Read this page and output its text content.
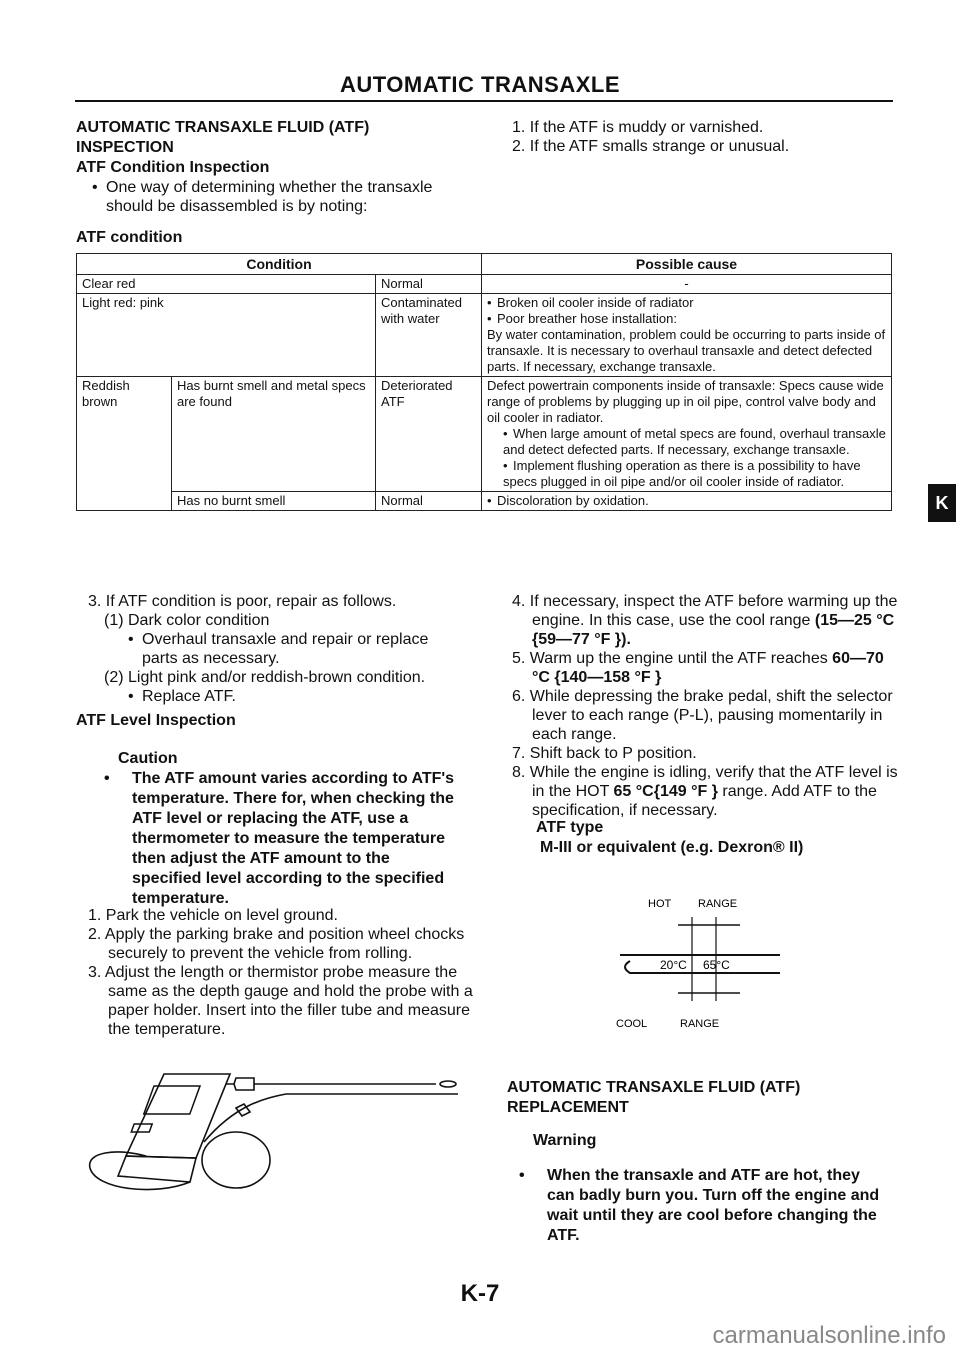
AUTOMATIC TRANSAXLE
AUTOMATIC TRANSAXLE FLUID (ATF)
INSPECTION
ATF Condition Inspection
• One way of determining whether the transaxle
should be disassembled is by noting:
ATF condition
1. If the ATF is muddy or varnished.
2. If the ATF smalls strange or unusual.
Condition			Possible cause
Clear red		Normal	-
Light red: pink		Contaminated with water	• Broken oil cooler inside of radiator
• Poor breather hose installation:
By water contamination, problem could be occurring to parts inside of transaxle. It is necessary to overhaul transaxle and detect defected parts. If necessary, exchange transaxle.

Reddish brown	Has burnt smell and metal specs are found	Deteriorated ATF	Defect powertrain components inside of transaxle: Specs cause wide range of problems by plugging up in oil pipe, control valve body and oil cooler in radiator.
• When large amount of metal specs are found, overhaul transaxle and detect defected parts. If necessary, exchange transaxle.
• Implement flushing operation as there is a possibility to have specs plugged in oil pipe and/or oil cooler inside of radiator.

	Has no burnt smell	Normal	• Discoloration by oxidation.
3. If ATF condition is poor, repair as follows.
(1) Dark color condition
• Overhaul transaxle and repair or replace
parts as necessary.
(2) Light pink and/or reddish-brown condition.
• Replace ATF.
ATF Level Inspection
Caution
• The ATF amount varies according to ATF's temperature. There for, when checking the ATF level or replacing the ATF, use a thermometer to measure the temperature then adjust the ATF amount to the specified level according to the specified temperature.
1. Park the vehicle on level ground.
2. Apply the parking brake and position wheel chocks securely to prevent the vehicle from rolling.
3. Adjust the length or thermistor probe measure the same as the depth gauge and hold the probe with a paper holder. Insert into the filler tube and measure the temperature.
4. If necessary, inspect the ATF before warming up the engine. In this case, use the cool range (15—25 °C {59—77 °F }).
5. Warm up the engine until the ATF reaches 60—70 °C {140—158 °F }
6. While depressing the brake pedal, shift the selector lever to each range (P-L), pausing momentarily in each range.
7. Shift back to P position.
8. While the engine is idling, verify that the ATF level is in the HOT 65 °C{149 °F } range. Add ATF to the specification, if necessary.
ATF type
M-III or equivalent (e.g. Dexron® II)
HOT RANGE
20°C 65°C
COOL	RANGE
AUTOMATIC TRANSAXLE FLUID (ATF)
REPLACEMENT
Warning
• When the transaxle and ATF are hot, they can badly burn you. Turn off the engine and wait until they are cool before changing the ATF.
K
K-7
carmanualsonline.info
